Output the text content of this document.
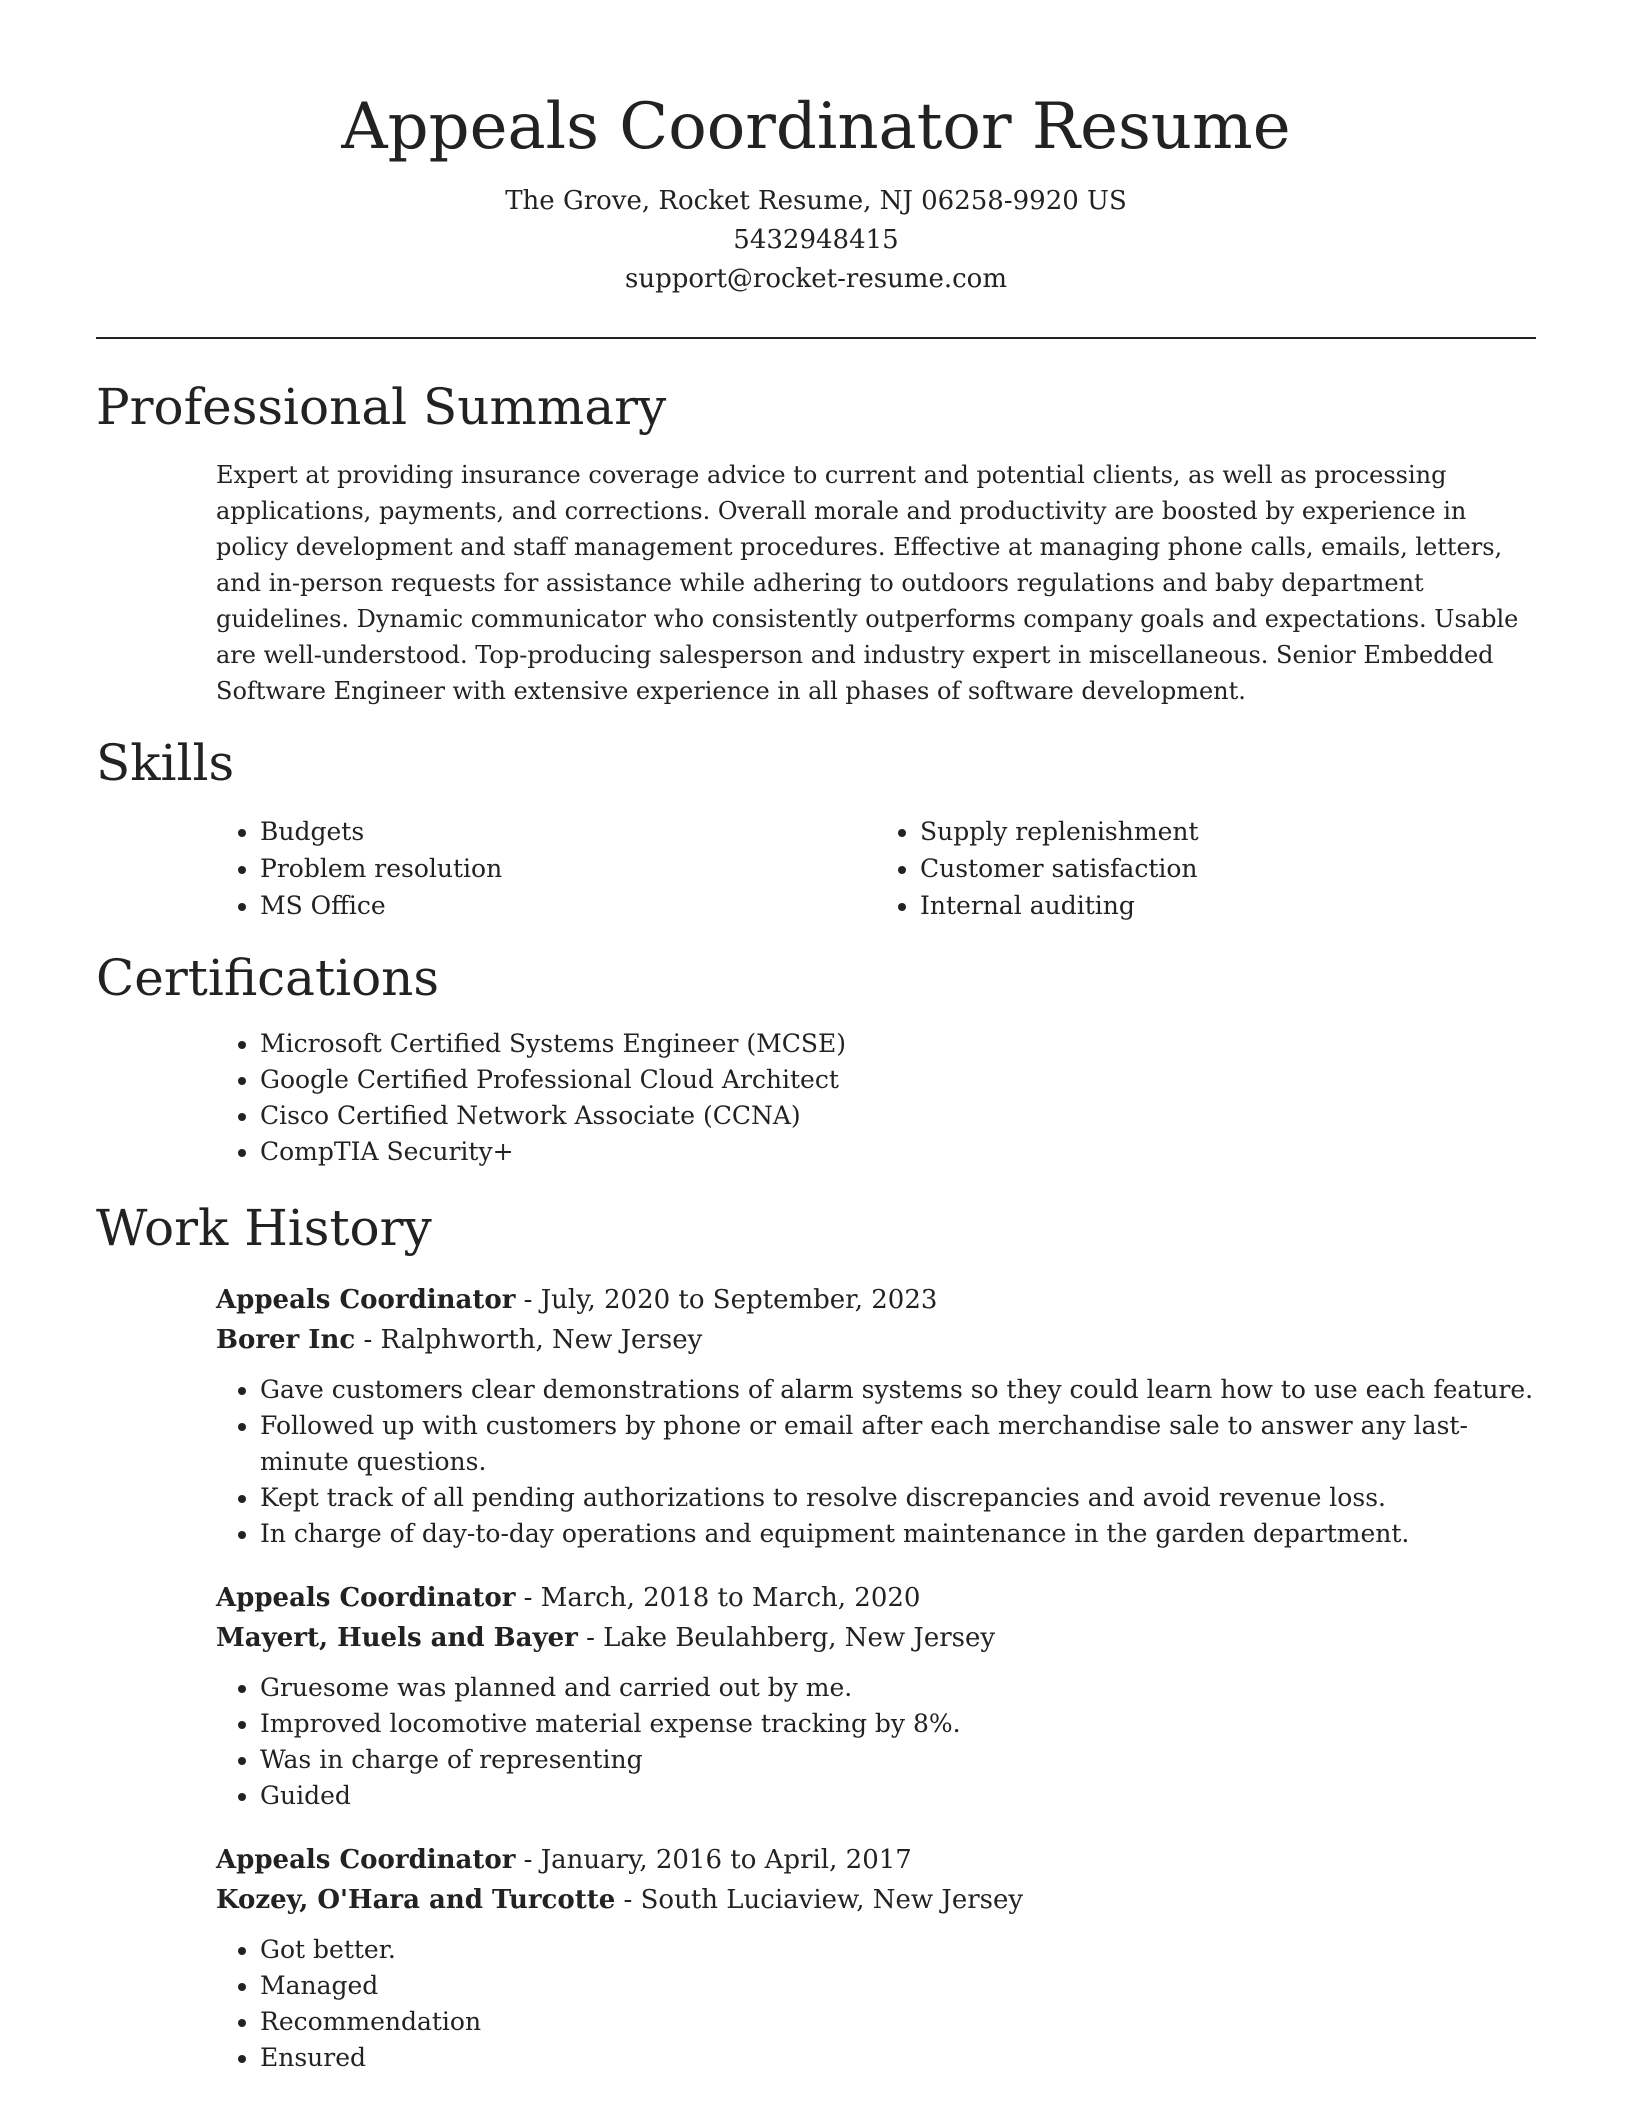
Appeals Coordinator Resume

The Grove, Rocket Resume, NJ 06258-9920 US

5432948415

support@rocket-resume.com

Professional Summary

Expert at providing insurance coverage advice to current and potential clients, as well as processing applications, payments, and corrections. Overall morale and productivity are boosted by experience in policy development and staff management procedures. Effective at managing phone calls, emails, letters, and in-person requests for assistance while adhering to outdoors regulations and baby department guidelines. Dynamic communicator who consistently outperforms company goals and expectations. Usable are well-understood. Top-producing salesperson and industry expert in miscellaneous. Senior Embedded Software Engineer with extensive experience in all phases of software development.

Skills
• Budgets
• Problem resolution
• MS Office
• Supply replenishment
• Customer satisfaction
• Internal auditing
Certifications
• Microsoft Certified Systems Engineer (MCSE)
• Google Certified Professional Cloud Architect
• Cisco Certified Network Associate (CCNA)
• CompTIA Security+
Work History

Appeals Coordinator - July, 2020 to September, 2023

Borer Inc - Ralphworth, New Jersey

• Gave customers clear demonstrations of alarm systems so they could learn how to use each feature.
• Followed up with customers by phone or email after each merchandise sale to answer any last-minute questions.
• Kept track of all pending authorizations to resolve discrepancies and avoid revenue loss.
• In charge of day-to-day operations and equipment maintenance in the garden department.

Appeals Coordinator - March, 2018 to March, 2020

Mayert, Huels and Bayer - Lake Beulahberg, New Jersey

• Gruesome was planned and carried out by me.
• Improved locomotive material expense tracking by 8%.
• Was in charge of representing
• Guided

Appeals Coordinator - January, 2016 to April, 2017

Kozey, O'Hara and Turcotte - South Luciaview, New Jersey

• Got better.
• Managed
• Recommendation
• Ensured
